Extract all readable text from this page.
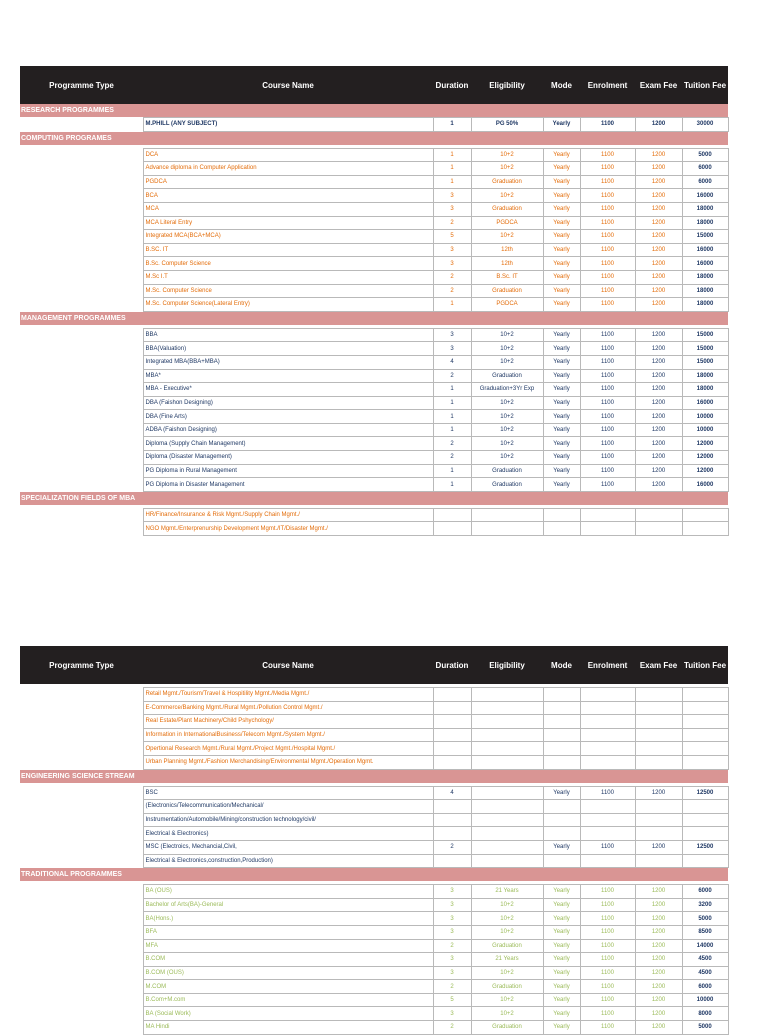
Programme Type	Course Name	Duration	Eligibility	Mode	Enrolment	Exam Fee	Tuition Fee
RESEARCH PROGRAMMES							
	M.PHILL (ANY SUBJECT)	1	PG 50%	Yearly	1100	1200	30000
COMPUTING PROGRAMES							

	DCA	1	10+2	Yearly	1100	1200	5000
	Advance diploma in Computer Application	1	10+2	Yearly	1100	1200	6000
	PGDCA	1	Graduation	Yearly	1100	1200	6000
	BCA	3	10+2	Yearly	1100	1200	16000
	MCA	3	Graduation	Yearly	1100	1200	18000
	MCA Literal Entry	2	PGDCA	Yearly	1100	1200	18000
	Integrated MCA(BCA+MCA)	5	10+2	Yearly	1100	1200	15000
	B.SC. IT	3	12th	Yearly	1100	1200	16000
	B.Sc. Computer Science	3	12th	Yearly	1100	1200	16000
	M.Sc I.T	2	B.Sc. IT	Yearly	1100	1200	18000
	M.Sc. Computer Science	2	Graduation	Yearly	1100	1200	18000
	M.Sc. Computer Science(Lateral Entry)	1	PGDCA	Yearly	1100	1200	18000
MANAGEMENT PROGRAMMES							

	BBA	3	10+2	Yearly	1100	1200	15000
	BBA(Valuation)	3	10+2	Yearly	1100	1200	15000
	Integrated MBA(BBA+MBA)	4	10+2	Yearly	1100	1200	15000
	MBA*	2	Graduation	Yearly	1100	1200	18000
	MBA - Executive*	1	Graduation+3Yr Exp	Yearly	1100	1200	18000
	DBA (Faishon Designing)	1	10+2	Yearly	1100	1200	16000
	DBA (Fine Arts)	1	10+2	Yearly	1100	1200	10000
	ADBA (Faishon Designing)	1	10+2	Yearly	1100	1200	10000
	Diploma (Supply Chain Management)	2	10+2	Yearly	1100	1200	12000
	Diploma (Disaster Management)	2	10+2	Yearly	1100	1200	12000
	PG Diploma in Rural Management	1	Graduation	Yearly	1100	1200	12000
	PG Diploma in Disaster Management	1	Graduation	Yearly	1100	1200	16000
SPECIALIZATION FIELDS OF MBA							

	HR/Finance/Insurance & Risk Mgmt./Supply Chain Mgmt./						
	NGO Mgmt./Enterprenurship Development Mgmt./IT/Disaster Mgmt./						
Programme Type	Course Name	Duration	Eligibility	Mode	Enrolment	Exam Fee	Tuition Fee

	Retail Mgmt./Tourism/Travel & Hospitility Mgmt./Media Mgmt./						
	E-Commerce/Banking Mgmt./Rural Mgmt./Pollution Control Mgmt./						
	Real Estate/Plant Machinery/Child Pshychology/						
	Information in InternationalBusiness/Telecom Mgmt./System Mgmt./						
	Opertional Research Mgmt./Rural Mgmt./Project Mgmt./Hospital Mgmt./						
	Urban Planning Mgmt./Fashion Merchandising/Environmental Mgmt./Operation Mgmt.						
ENGINEERING SCIENCE STREAM							

	BSC	4		Yearly	1100	1200	12500
	(Electronics/Telecommunication/Mechanical/						
	Instrumentation/Automobile/Mining/construction technology/civil/						
	Electrical & Electronics)						
	MSC (Electroics, Mechancial,Civil,	2		Yearly	1100	1200	12500
	Electrical & Electronics,construction,Production)						
TRADITIONAL PROGRAMMES							

	BA (OUS)	3	21 Years	Yearly	1100	1200	6000
	Bachelor of Arts(BA)-General	3	10+2	Yearly	1100	1200	3200
	BA(Hons.)	3	10+2	Yearly	1100	1200	5000
	BFA	3	10+2	Yearly	1100	1200	8500
	MFA	2	Graduation	Yearly	1100	1200	14000
	B.COM	3	21 Years	Yearly	1100	1200	4500
	B.COM (OUS)	3	10+2	Yearly	1100	1200	4500
	M.COM	2	Graduation	Yearly	1100	1200	6000
	B.Com+M.com	5	10+2	Yearly	1100	1200	10000
	BA (Social Work)	3	10+2	Yearly	1100	1200	8000
	MA Hindi	2	Graduation	Yearly	1100	1200	5000
